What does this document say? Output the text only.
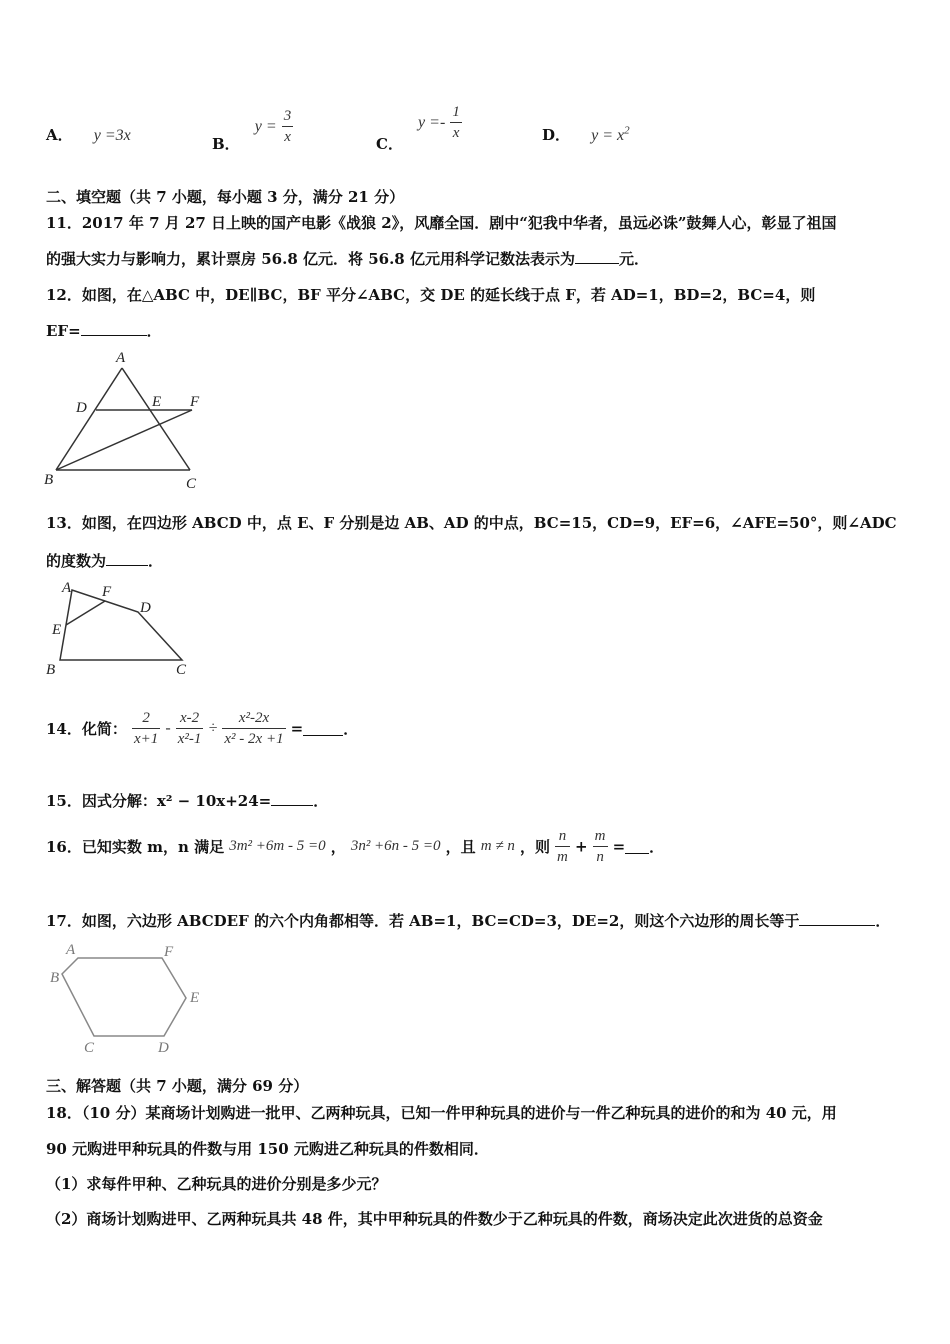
A． y =3x	B． $y = \frac{3}{x}$	C． $y =- \frac{1}{x}$	D． $y = x^2$
二、填空题（共 7 小题，每小题 3 分，满分 21 分）
11．2017 年 7 月 27 日上映的国产电影《战狼 2》，风靡全国．剧中“犯我中华者，虽远必诛”鼓舞人心，彰显了祖国
的强大实力与影响力，累计票房 56.8 亿元．将 56.8 亿元用科学记数法表示为	元．
12．如图，在△ABC 中，DE∥BC，BF 平分∠ABC，交 DE 的延长线于点 F，若 AD=1，BD=2，BC=4，则
EF=	．
A
D	E F
B	C
13．如图，在四边形 ABCD 中，点 E、F 分别是边 AB、AD 的中点，BC=15，CD=9，EF=6，∠AFE=50°，则∠ADC
的度数为	．
A F
D
E
B	C
14．化简： $\frac{2}{x+1} - \frac{x-2}{\text{x²-1}} \div \frac{\text{x²-2x}}{\text{x² - 2x +1}}$ =	．
15．因式分解：x² − 10x+24=	．
16．已知实数 m，n 满足 3m² +6m - 5 =0 ， 3n² +6n - 5 =0 ，且 m ≠ n ，则 $\frac{n}{m} + \frac{m}{n}$ = ．
17．如图，六边形 ABCDEF 的六个内角都相等．若 AB=1，BC=CD=3，DE=2，则这个六边形的周长等于	．
A	F
B
E
C	D
三、解答题（共 7 小题，满分 69 分）
18．（10 分）某商场计划购进一批甲、乙两种玩具，已知一件甲种玩具的进价与一件乙种玩具的进价的和为 40 元，用
90 元购进甲种玩具的件数与用 150 元购进乙种玩具的件数相同．
（1）求每件甲种、乙种玩具的进价分别是多少元？
（2）商场计划购进甲、乙两种玩具共 48 件，其中甲种玩具的件数少于乙种玩具的件数，商场决定此次进货的总资金
